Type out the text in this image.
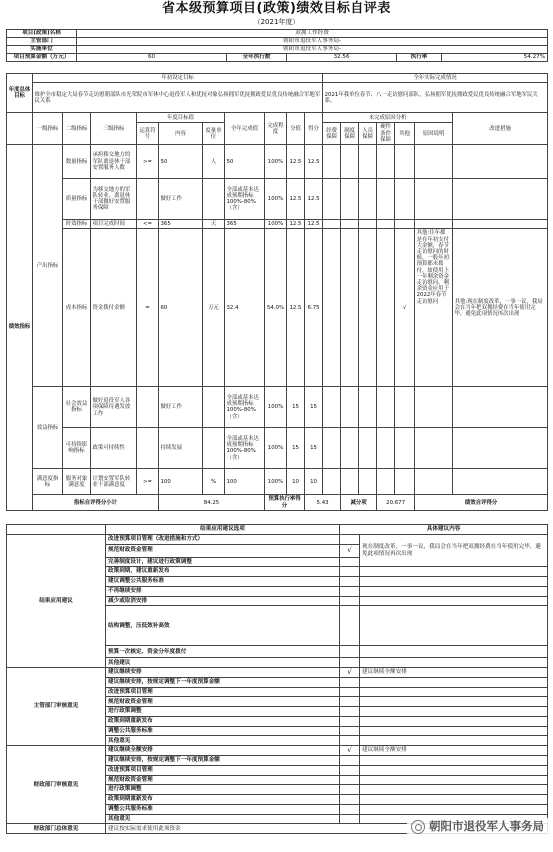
省本级预算项目(政策)绩效目标自评表
（2021年度）
项目(政策)名称	双拥工作经费				
主管部门	朝阳市退役军人事务局-				
实施单位	朝阳市退役军人事务局-				
项目预算金额（万元）	60	全年执行数	32.56	执行率	54.27%
年度总体目标	年初设定目标										全年实际完成情况							
	维护全市稳定大局春节走访慰朝部队市光荣院市军休中心退役军人和优抚对象弘扬拥军优抚拥政爱民优良传统融合军地军民关系										2021年我单位春节、八一走访慰问部队，弘扬拥军优抚拥政爱民优良传统融合军地军民关系。							
	一级指标	二级指标	三级指标	年度目标值			全年完成值	完成程度	分值	得分	未完成原因分析						改进措施	
				运算符号	内容	度量单位					经费保障	制度保障	人员保障	硬件条件保障	其他	原因说明		

绩效指标	产出指标	数量指标	承担移交地方的军队离退休干部安置服务人数	>=	50	人	50	100%	12.5	12.5								
		质量指标	为移交地方的军队转业、离退休干部做好安置服务保障		做好工作		全部或基本达成预期指标100%-80%（含）	100%	12.5	12.5								
		时效指标	项目完成时间	<=	365	天	365	100%	12.5	12.5								
		成本指标	资金拨付金额	=	60	万元	32.4	54.0%	12.5	6.75					√	其他:往年都是在年初支付大金额，春节走访慰问的时候，一般年初预算都未拨付，故使用上一年剩余资金走访慰问，剩余资金应用于2022年春节走访慰问	其他:现在制度改革，一事一议，我局会在当年把双拥经费在当年使用完毕，避免此项情况再次出现	
	效益指标	社会效益指标	做好退役军人各项保障待遇发放工作		做好工作		全部或基本达成预期指标100%-80%（含）	100%	15	15								
		可持续影响指标	政策可持续性		持续发展		全部或基本达成预期指标100%-80%（含）	100%	15	15								
	满意度指标	服务对象满意度	计划安置军队转业干部满意度	>=	100	%	100	100%	10	10								
	指标自评得分小计				84.25			预算执行率得分		5.43		减分项		20.677		绩效自评得分	
	结果应用建议选项	具体建议内容	
结果应用建议	改进预算项目管理（改进措施和方式）		现在制度改革，一事一议，我局会在当年把双拥经费在当年使用完毕，避免此项情况再次出现
	规范财政资金管理	√	
	完善制度设计，建议进行政策调整		
	政策到期，建议重新发布		
	建议调整公共服务标准		
	不再继续安排		
	减少或取消安排		
	结构调整，压低效补高效		
	预算一次核定、资金分年度拨付		
	其他建议		
主管部门审核意见	建议继续安排	√	建议继续全额安排
	建议继续安排，按规定调整下一年度预算金额		
	改进预算项目管理		
	规范财政资金管理		
	进行政策调整		
	政策到期重新发布		
	调整公共服务标准		
	其他意见		
财政部门审核意见	建议继续全额安排	√	建议继续全额安排
	建议继续安排，按规定调整下一年度预算金额		
	改进预算项目管理		
	规范财政资金管理		
	进行政策调整		
	政策到期重新发布		
	调整公共服务标准		
	其他意见		
财政部门总体意见	建议按实际需求使用此项资金			朝阳市退役军人事务局
